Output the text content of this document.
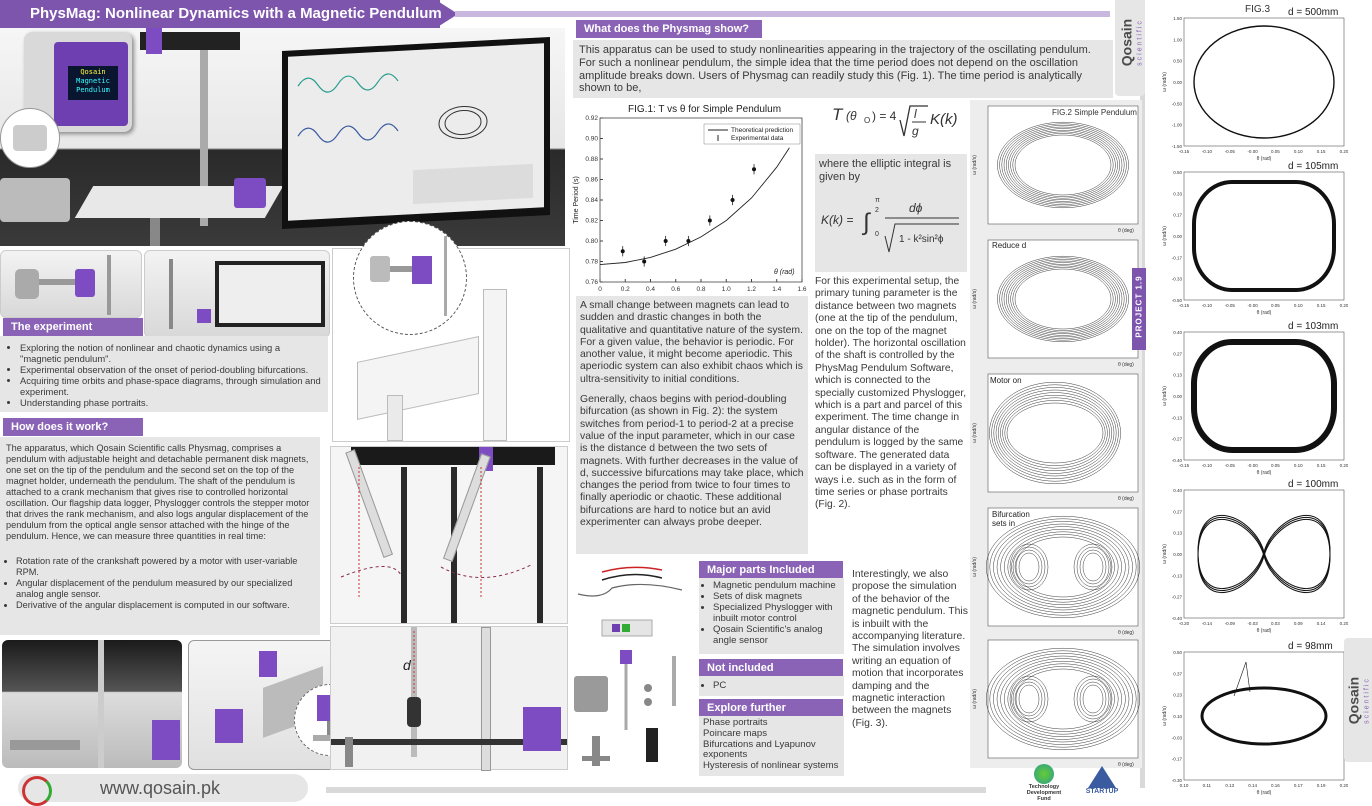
PhysMag: Nonlinear Dynamics with a Magnetic Pendulum
Qosain scientific
Qosain
Magnetic
Pendulum
The experiment
• Exploring the notion of nonlinear and chaotic dynamics using a "magnetic pendulum".
• Experimental observation of the onset of period-doubling bifurcations.
• Acquiring time orbits and phase-space diagrams, through simulation and experiment.
• Understanding phase portraits.
How does it work?
The apparatus, which Qosain Scientific calls Physmag, comprises a pendulum with adjustable height and detachable permanent disk magnets, one set on the tip of the pendulum and the second set on the top of the magnet holder, underneath the pendulum. The shaft of the pendulum is attached to a crank mechanism that gives rise to controlled horizontal oscillation. Our flagship data logger, Physlogger controls the stepper motor that drives the rank mechanism, and also logs angular displacement of the pendulum from the optical angle sensor attached with the hinge of the pendulum. Hence, we can measure three quantities in real time:
• Rotation rate of the crankshaft powered by a motor with user-variable RPM.
• Angular displacement of the pendulum measured by our specialized analog angle sensor.
• Derivative of the angular displacement is computed in our software.
d
What does the Physmag show?
This apparatus can be used to study nonlinearities appearing in the trajectory of the oscillating pendulum. For such a nonlinear pendulum, the simple idea that the time period does not depend on the oscillation amplitude breaks down. Users of Physmag can readily study this (Fig. 1). The time period is analytically shown to be,
FIG.1: T vs θ for Simple Pendulum
0	0.2 0.4 0.6 0.8 1.0 1.2 1.4 1.6
0.76
0.78
0.80
0.82
0.84
0.86
0.88
0.90
0.92
Theoretical prediction
Experimental data
θ (rad)
Time Period (s)
T (θ O ) = 4 l
g
K(k)
where the elliptic integral is given by
K(k) = ∫
π
2
0
dϕ
1 - k²sin²ϕ
A small change between magnets can lead to sudden and drastic changes in both the qualitative and quantitative nature of the system. For a given value, the behavior is periodic. For another value, it might become aperiodic. This aperiodic system can also exhibit chaos which is ultra-sensitivity to initial conditions.
Generally, chaos begins with period-doubling bifurcation (as shown in Fig. 2): the system switches from period-1 to period-2 at a precise value of the input parameter, which in our case is the distance d between the two sets of magnets. With further decreases in the value of d, successive bifurcations may take place, which changes the period from twice to four times to finally aperiodic or chaotic. These additional bifurcations are hard to notice but an avid experimenter can always probe deeper.
For this experimental setup, the primary tuning parameter is the distance between two magnets (one at the tip of the pendulum, one on the top of the magnet holder). The horizontal oscillation of the shaft is controlled by the PhysMag Pendulum Software, which is connected to the specially customized Physlogger, which is a part and parcel of this experiment. The time change in angular distance of the pendulum is logged by the same software. The generated data can be displayed in a variety of ways i.e. such as in the form of time series or phase portraits (Fig. 2).
Interestingly, we also propose the simulation of the behavior of the magnetic pendulum. This is inbuilt with the accompanying literature. The simulation involves writing an equation of motion that incorporates damping and the magnetic interaction between the magnets (Fig. 3).
Major parts Included
• Magnetic pendulum machine
• Sets of disk magnets
• Specialized Physlogger with inbuilt motor control
• Qosain Scientific's analog angle sensor
Not included
• PC
Explore further
Phase portraits
Poincare maps
Bifurcations and Lyapunov exponents
Hysteresis of nonlinear systems
θ (deg)
ω (rad/s)
θ (deg)
ω (rad/s)
θ (deg)
ω (rad/s)
θ (deg)
ω (rad/s)
θ (deg)
ω (rad/s)
FIG.2 Simple Pendulum
Reduce d
Motor on
Bifurcation sets in
PROJECT 1.9
d = 500mm
-0.15	-0.10	-0.05	-0.00	0.05	0.10	0.15	0.20
-1.50
-1.00
-0.50
0.00
0.50
1.00
1.50
θ (rad)
ω (rad/s)
d = 105mm
-0.15	-0.10	-0.05	-0.00	0.05	0.10	0.15	0.20
-0.50
-0.33
-0.17
0.00
0.17
0.33
0.50
θ (rad)
ω (rad/s)
d = 103mm
-0.15	-0.10	-0.05	-0.00	0.05	0.10	0.15	0.20
-0.40
-0.27
-0.13
0.00
0.13
0.27
0.40
θ (rad)
ω (rad/s)
d = 100mm
-0.20	-0.14	-0.09	-0.03	0.03	0.09	0.14	0.20
-0.40
-0.27
-0.13
0.00
0.13
0.27
0.40
θ (rad)
ω (rad/s)
d = 98mm
0.10	0.11	0.13	0.14	0.16	0.17	0.19	0.20
-0.30
-0.17
-0.03
0.10
0.23
0.37
0.50
θ (rad)
ω (rad/s)
FIG.3
Qosain scientific
www.qosain.pk	Technology Development Fund
STARTUP
